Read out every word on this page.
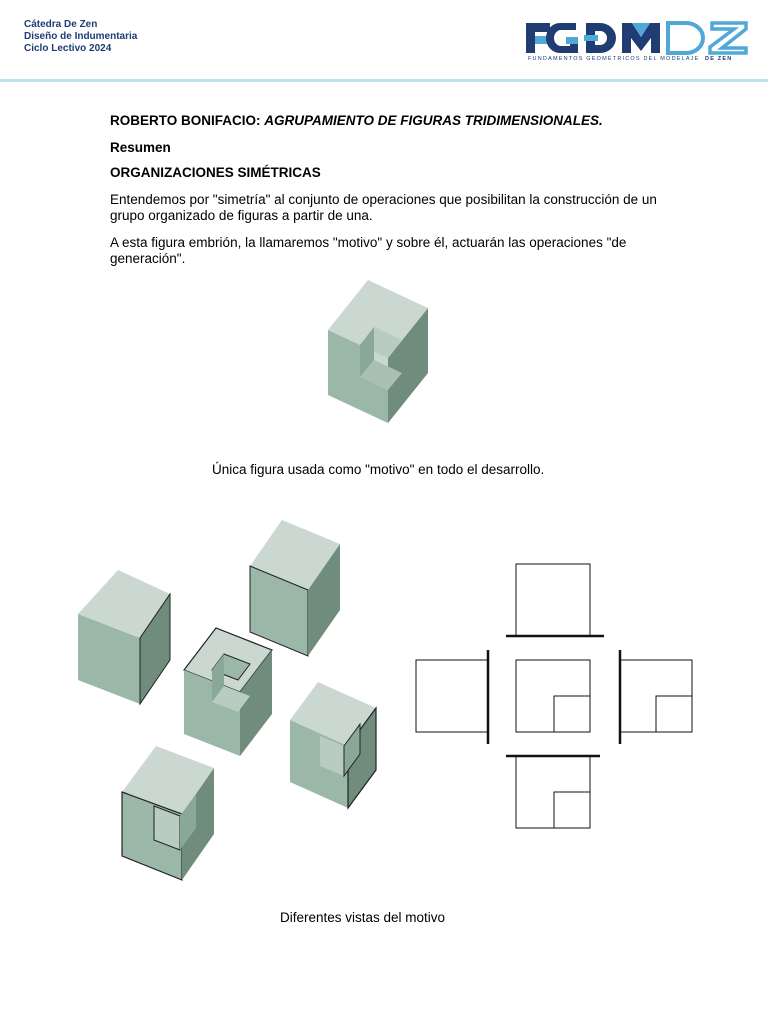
Cátedra De Zen
Diseño de Indumentaria
Ciclo Lectivo 2024
FUNDAMENTOS GEOMÉTRICOS DEL MODELAJE DE ZEN
ROBERTO BONIFACIO: AGRUPAMIENTO DE FIGURAS TRIDIMENSIONALES.
Resumen
ORGANIZACIONES SIMÉTRICAS
Entendemos por "simetría" al conjunto de operaciones que posibilitan la construcción de un grupo organizado de figuras a partir de una.
A esta figura embrión, la llamaremos "motivo" y sobre él, actuarán las operaciones "de generación".
Única figura usada como "motivo" en todo el desarrollo.
Diferentes vistas del motivo
